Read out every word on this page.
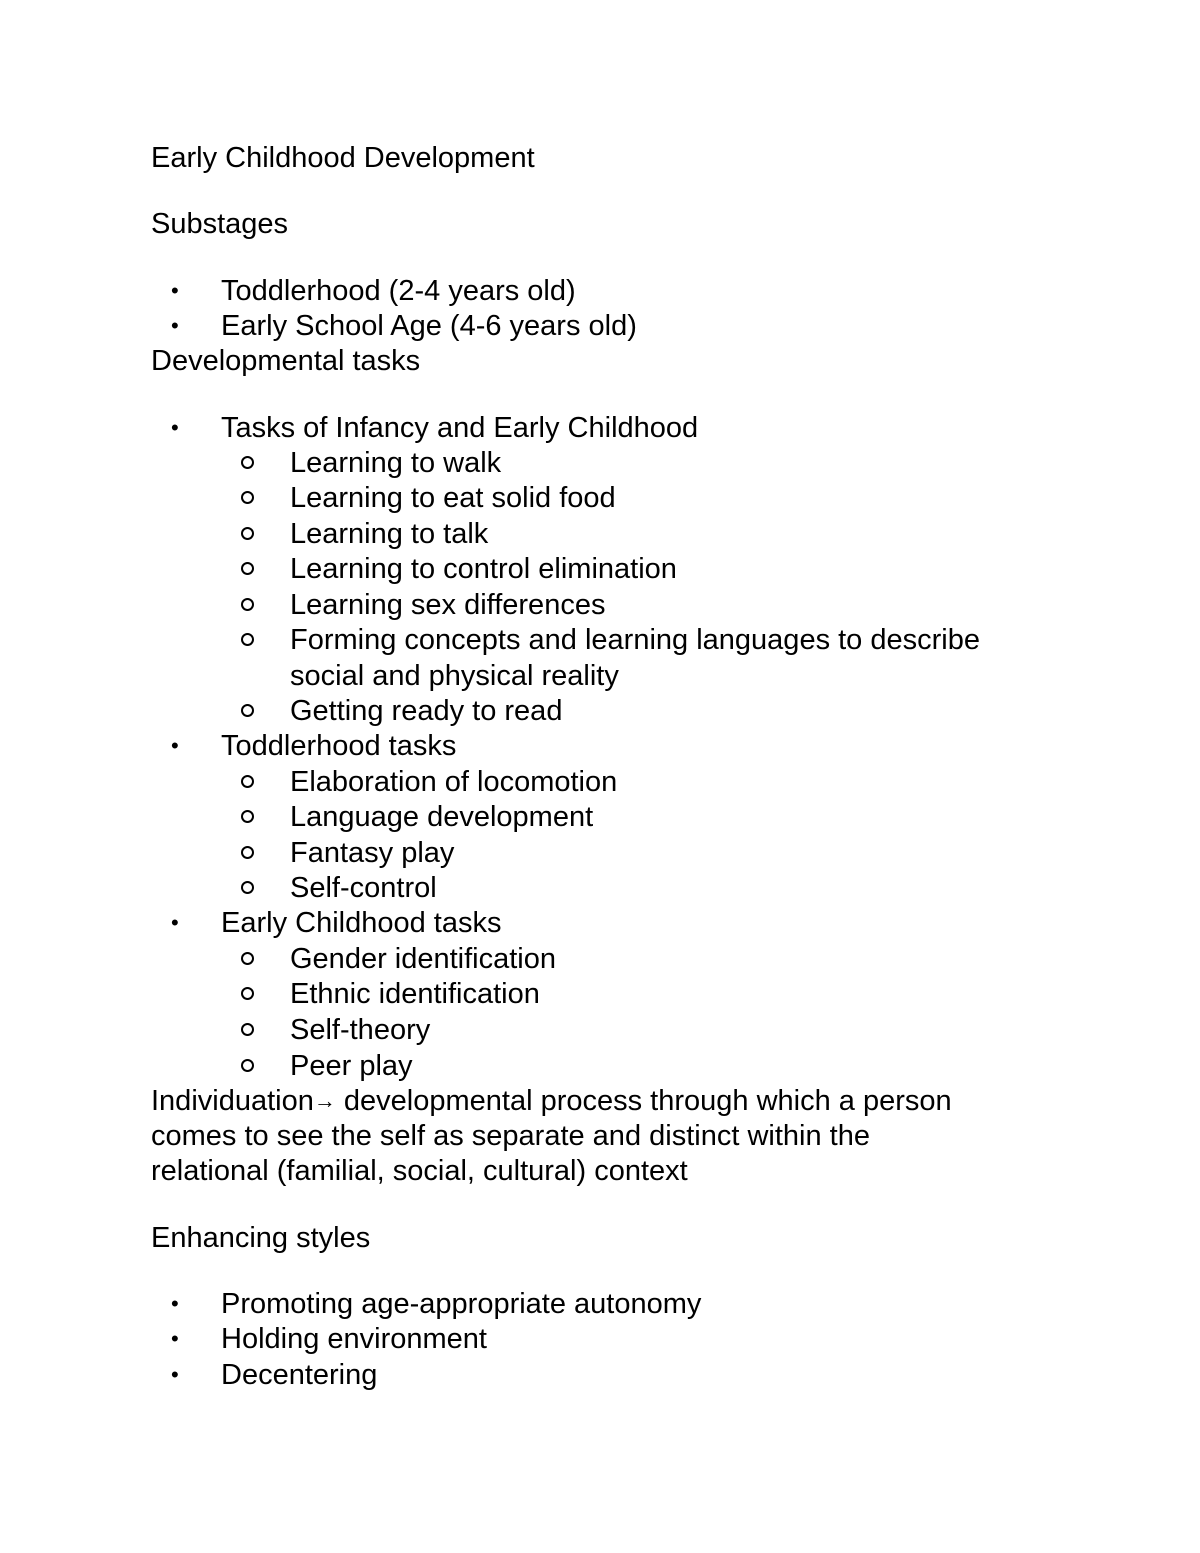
Early Childhood Development
Substages
•	Toddlerhood (2-4 years old)
•	Early School Age (4-6 years old)
Developmental tasks
•	Tasks of Infancy and Early Childhood
Learning to walk
Learning to eat solid food
Learning to talk
Learning to control elimination
Learning sex differences
Forming concepts and learning languages to describe
social and physical reality
Getting ready to read
•	Toddlerhood tasks
Elaboration of locomotion
Language development
Fantasy play
Self-control
•	Early Childhood tasks
Gender identification
Ethnic identification
Self-theory
Peer play
Individuation→ developmental process through which a person
comes to see the self as separate and distinct within the
relational (familial, social, cultural) context
Enhancing styles
•	Promoting age-appropriate autonomy
•	Holding environment
•	Decentering
